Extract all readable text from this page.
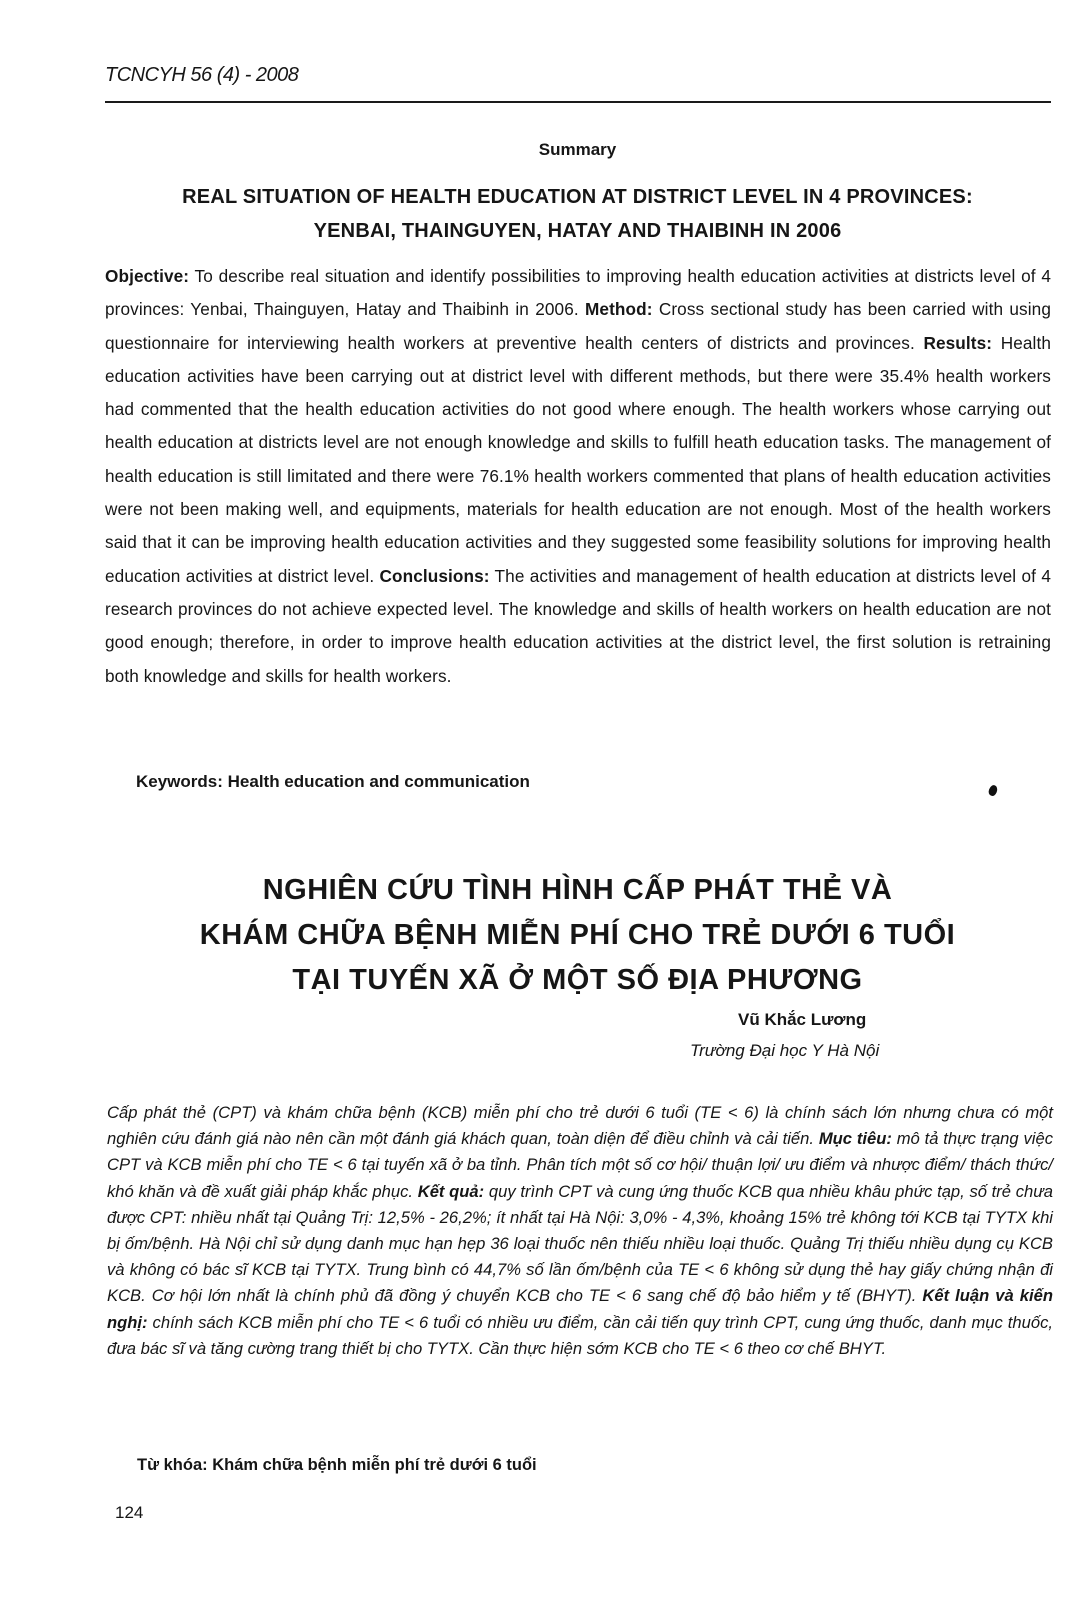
TCNCYH 56 (4) - 2008
Summary
REAL SITUATION OF HEALTH EDUCATION AT DISTRICT LEVEL IN 4 PROVINCES:
YENBAI, THAINGUYEN, HATAY AND THAIBINH IN 2006
Objective: To describe real situation and identify possibilities to improving health education activities at districts level of 4 provinces: Yenbai, Thainguyen, Hatay and Thaibinh in 2006. Method: Cross sectional study has been carried with using questionnaire for interviewing health workers at preventive health centers of districts and provinces. Results: Health education activities have been carrying out at district level with different methods, but there were 35.4% health workers had commented that the health education activities do not good where enough. The health workers whose carrying out health education at districts level are not enough knowledge and skills to fulfill heath education tasks. The management of health education is still limitated and there were 76.1% health workers commented that plans of health education activities were not been making well, and equipments, materials for health education are not enough. Most of the health workers said that it can be improving health education activities and they suggested some feasibility solutions for improving health education activities at district level. Conclusions: The activities and management of health education at districts level of 4 research provinces do not achieve expected level. The knowledge and skills of health workers on health education are not good enough; therefore, in order to improve health education activities at the district level, the first solution is retraining both knowledge and skills for health workers.
Keywords: Health education and communication
NGHIÊN CỨU TÌNH HÌNH CẤP PHÁT THẺ VÀ
KHÁM CHỮA BỆNH MIỄN PHÍ CHO TRẺ DƯỚI 6 TUỔI
TẠI TUYẾN XÃ Ở MỘT SỐ ĐỊA PHƯƠNG
Vũ Khắc Lương
Trường Đại học Y Hà Nội
Cấp phát thẻ (CPT) và khám chữa bệnh (KCB) miễn phí cho trẻ dưới 6 tuổi (TE < 6) là chính sách lớn nhưng chưa có một nghiên cứu đánh giá nào nên cần một đánh giá khách quan, toàn diện để điều chỉnh và cải tiến. Mục tiêu: mô tả thực trạng việc CPT và KCB miễn phí cho TE < 6 tại tuyến xã ở ba tỉnh. Phân tích một số cơ hội/ thuận lợi/ ưu điểm và nhược điểm/ thách thức/ khó khăn và đề xuất giải pháp khắc phục. Kết quả: quy trình CPT và cung ứng thuốc KCB qua nhiều khâu phức tạp, số trẻ chưa được CPT: nhiều nhất tại Quảng Trị: 12,5% - 26,2%; ít nhất tại Hà Nội: 3,0% - 4,3%, khoảng 15% trẻ không tới KCB tại TYTX khi bị ốm/bệnh. Hà Nội chỉ sử dụng danh mục hạn hẹp 36 loại thuốc nên thiếu nhiều loại thuốc. Quảng Trị thiếu nhiều dụng cụ KCB và không có bác sĩ KCB tại TYTX. Trung bình có 44,7% số lần ốm/bệnh của TE < 6 không sử dụng thẻ hay giấy chứng nhận đi KCB. Cơ hội lớn nhất là chính phủ đã đồng ý chuyển KCB cho TE < 6 sang chế độ bảo hiểm y tế (BHYT). Kết luận và kiến nghị: chính sách KCB miễn phí cho TE < 6 tuổi có nhiều ưu điểm, cần cải tiến quy trình CPT, cung ứng thuốc, danh mục thuốc, đưa bác sĩ và tăng cường trang thiết bị cho TYTX. Cần thực hiện sớm KCB cho TE < 6 theo cơ chế BHYT.
Từ khóa: Khám chữa bệnh miễn phí trẻ dưới 6 tuổi
124
